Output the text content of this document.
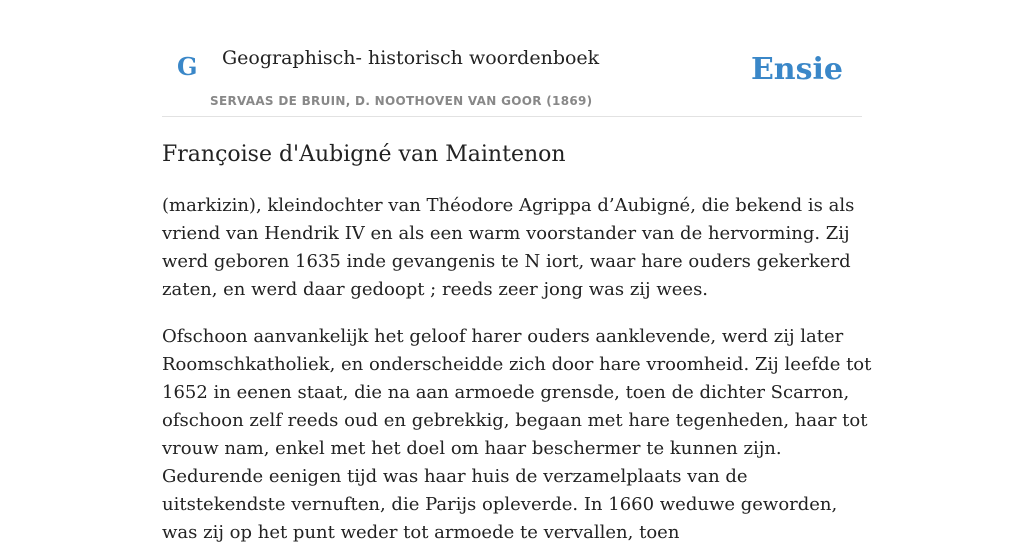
G Geographisch- historisch woordenboek
SERVAAS DE BRUIN, D. NOOTHOVEN VAN GOOR (1869)
Ensie
Françoise d'Aubigné van Maintenon

(markizin), kleindochter van Théodore Agrippa d’Aubigné, die bekend is als vriend van Hendrik IV en als een warm voorstander van de hervorming. Zij werd geboren 1635 inde gevangenis te N iort, waar hare ouders gekerkerd zaten, en werd daar gedoopt ; reeds zeer jong was zij wees.

Ofschoon aanvankelijk het geloof harer ouders aanklevende, werd zij later Roomschkatholiek, en onderscheidde zich door hare vroomheid. Zij leefde tot 1652 in eenen staat, die na aan armoede grensde, toen de dichter Scarron, ofschoon zelf reeds oud en gebrekkig, begaan met hare tegenheden, haar tot vrouw nam, enkel met het doel om haar beschermer te kunnen zijn. Gedurende eenigen tijd was haar huis de verzamelplaats van de uitstekendste vernuften, die Parijs opleverde. In 1660 weduwe geworden, was zij op het punt weder tot armoede te vervallen, toen
